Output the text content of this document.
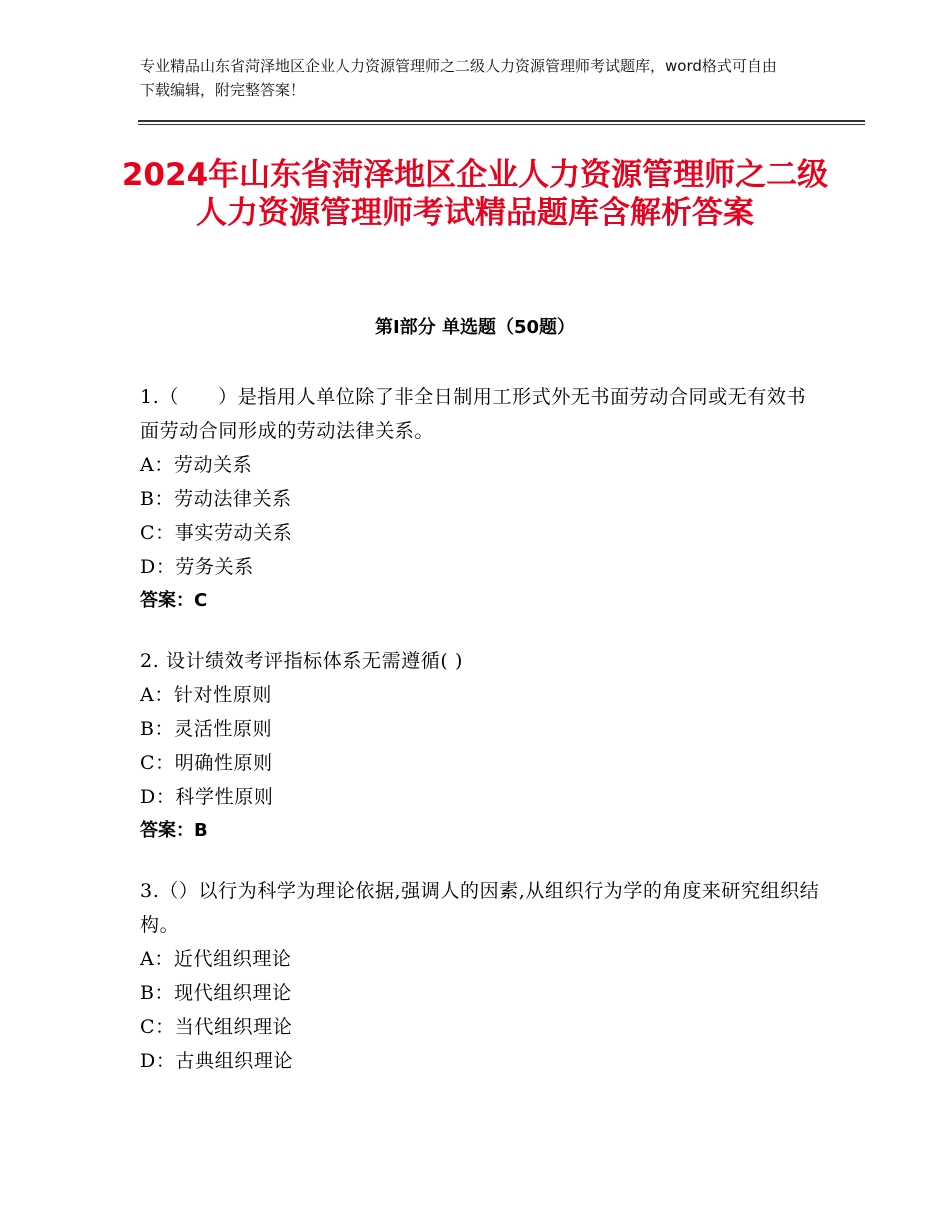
专业精品山东省菏泽地区企业人力资源管理师之二级人力资源管理师考试题库，word格式可自由下载编辑，附完整答案！
2024年山东省菏泽地区企业人力资源管理师之二级人力资源管理师考试精品题库含解析答案
第Ⅰ部分 单选题（50题）
1.（　　）是指用人单位除了非全日制用工形式外无书面劳动合同或无有效书面劳动合同形成的劳动法律关系。
A：劳动关系
B：劳动法律关系
C：事实劳动关系
D：劳务关系
答案：C
2. 设计绩效考评指标体系无需遵循( )
A：针对性原则
B：灵活性原则
C：明确性原则
D：科学性原则
答案：B
3.（）以行为科学为理论依据,强调人的因素,从组织行为学的角度来研究组织结构。
A：近代组织理论
B：现代组织理论
C：当代组织理论
D：古典组织理论
